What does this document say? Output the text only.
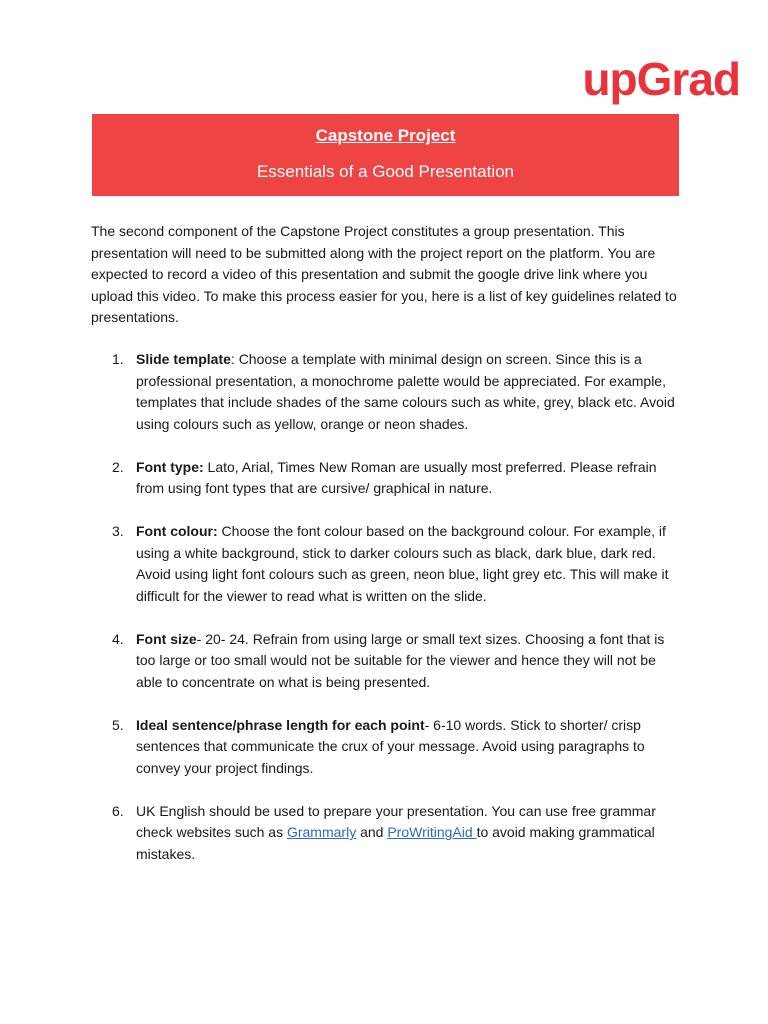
upGrad
Capstone Project
Essentials of a Good Presentation

The second component of the Capstone Project constitutes a group presentation. This presentation will need to be submitted along with the project report on the platform. You are expected to record a video of this presentation and submit the google drive link where you upload this video. To make this process easier for you, here is a list of key guidelines related to presentations.

1. Slide template: Choose a template with minimal design on screen. Since this is a professional presentation, a monochrome palette would be appreciated. For example, templates that include shades of the same colours such as white, grey, black etc. Avoid using colours such as yellow, orange or neon shades.
2. Font type: Lato, Arial, Times New Roman are usually most preferred. Please refrain from using font types that are cursive/ graphical in nature.
3. Font colour: Choose the font colour based on the background colour. For example, if using a white background, stick to darker colours such as black, dark blue, dark red. Avoid using light font colours such as green, neon blue, light grey etc. This will make it difficult for the viewer to read what is written on the slide.
4. Font size- 20- 24. Refrain from using large or small text sizes. Choosing a font that is too large or too small would not be suitable for the viewer and hence they will not be able to concentrate on what is being presented.
5. Ideal sentence/phrase length for each point- 6-10 words. Stick to shorter/ crisp sentences that communicate the crux of your message. Avoid using paragraphs to convey your project findings.
6. UK English should be used to prepare your presentation. You can use free grammar check websites such as Grammarly and ProWritingAid to avoid making grammatical mistakes.
